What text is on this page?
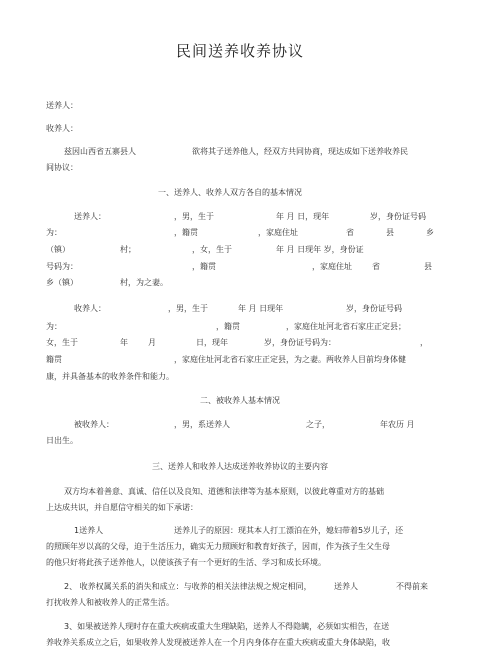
民间送养收养协议
送养人：
收养人：
兹因山西省五寨县人	欲将其子送养他人，经双方共同协商，现达成如下送养收养民
间协议：
一、送养人、收养人双方各自的基本情况
送养人：	，男，生于	年 月 日，现年	岁，身份证号码
为：	，籍贯	，家庭住址	省	县	乡
（镇）	村；	，女，生于	年 月 日现年 岁，身份证
号码为：	，籍贯	，家庭住址	省	县
乡（镇）	村，为之妻。
收养人：	，男，生于	年 月 日现年	岁，身份证号码
为：	，籍贯	，家庭住址河北省石家庄正定县；
女，生于	年	月	日，现年	岁，身份证号码为：	，
籍贯	，家庭住址河北省石家庄正定县，为之妻。两收养人目前均身体健
康，并具备基本的收养条件和能力。
二、被收养人基本情况
被收养人：	，男，系送养人	之子，	年农历 月
日出生。
三、送养人和收养人达成送养收养协议的主要内容
双方均本着善意、真诚、信任以及良知、道德和法律等为基本原则，以彼此尊重对方的基础
上达成共识，并自愿信守相关的如下承诺：
1送养人	送养儿子的原因：现其本人打工漂泊在外，媳妇带着5岁儿子，还
的照顾年岁以高的父母，迫于生活压力，确实无力照顾好和教育好孩子，因而，作为孩子生父生母
的他只好将此孩子送养他人，以使该孩子有一个更好的生活、学习和成长环境。
2、 收养权属关系的消失和成立：与收养的相关法律法规之规定相同，	送养人	不得前来
打扰收养人和被收养人的正常生活。
3、如果被送养人现时存在重大疾病或重大生理缺陷，送养人不得隐瞒，必须如实相告，在送
养收养关系成立之后，如果收养人发现被送养人在一个月内身体存在重大疾病或重大身体缺陷，收
